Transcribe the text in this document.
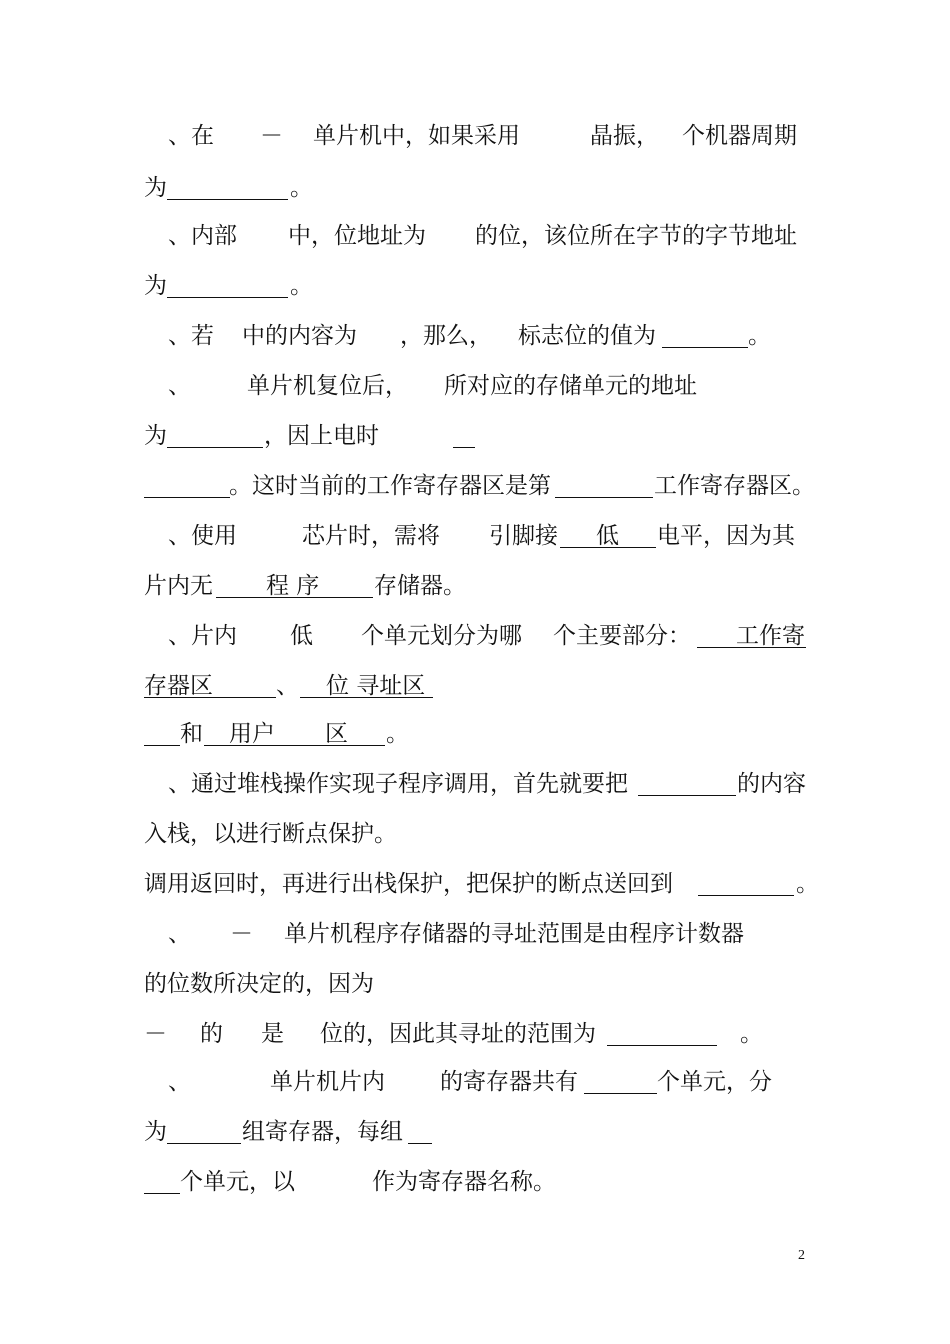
、在 － 单片机中，如果采用	晶振， 个机器周期
为	。
、内部 中，位地址为 的位，该位所在字节的字节地址
为	。
、若 中的内容为 ，那么， 标志位的值为	。
、 单片机复位后， 所对应的存储单元的地址
为	，因上电时
。这时当前的工作寄存器区是第	工作寄存器区。
、使用	芯片时，需将 引脚接 低 电平，因为其
片内无 程 序 存储器。
、片内 低 个单元划分为哪 个主要部分： 工作寄
存器区	、 位 寻址区
和 用户 区 。
、通过堆栈操作实现子程序调用，首先就要把	的内容
入栈，以进行断点保护。
调用返回时，再进行出栈保护，把保护的断点送回到	。
、 － 单片机程序存储器的寻址范围是由程序计数器
的位数所决定的，因为
－ 的 是 位的，因此其寻址的范围为	。
、	单片机片内 的寄存器共有	个单元，分
为	组寄存器，每组
个单元，以	作为寄存器名称。
2
